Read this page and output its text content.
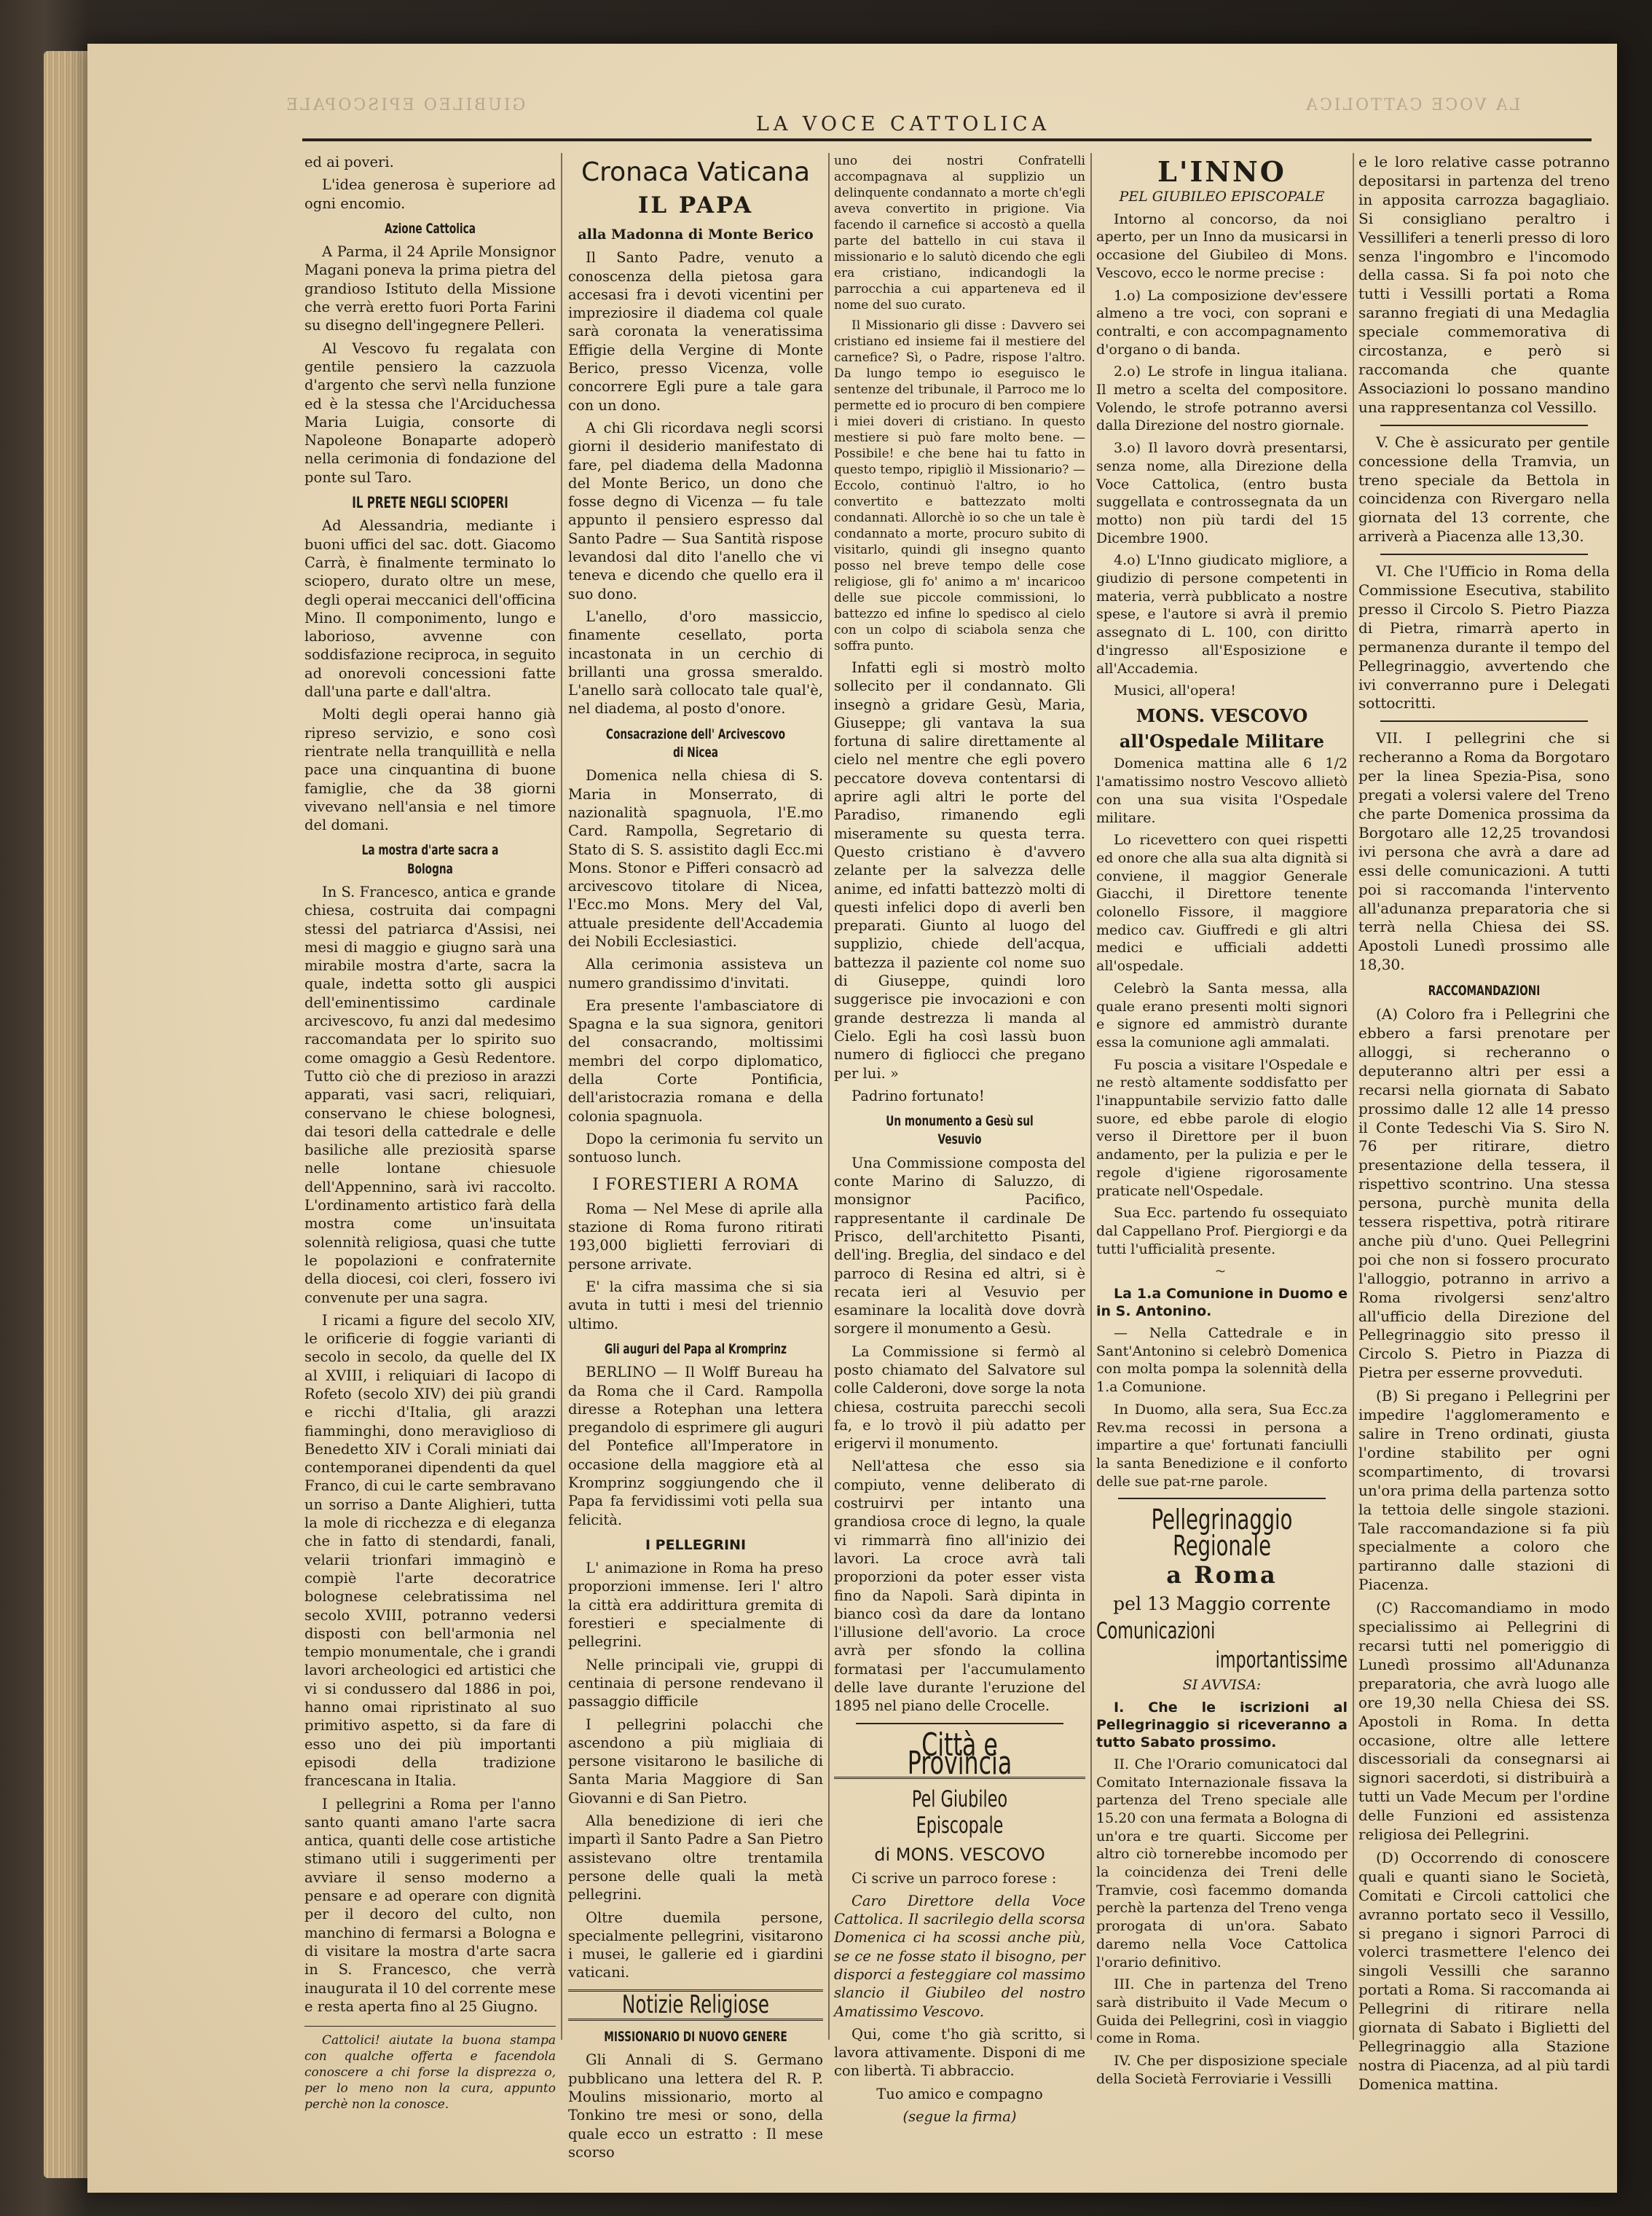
GIUBILEO EPISCOPALE	LA VOCE CATTOLICA
LA VOCE CATTOLICA

ed ai poveri.

L'idea generosa è superiore ad ogni encomio.

Azione Cattolica

A Parma, il 24 Aprile Monsignor Magani poneva la prima pietra del grandioso Istituto della Missione che verrà eretto fuori Porta Farini su disegno dell'ingegnere Pelleri.

Al Vescovo fu regalata con gentile pensiero la cazzuola d'argento che servì nella funzione ed è la stessa che l'Arciduchessa Maria Luigia, consorte di Napoleone Bonaparte adoperò nella cerimonia di fondazione del ponte sul Taro.

IL PRETE NEGLI SCIOPERI

Ad Alessandria, mediante i buoni uffici del sac. dott. Giacomo Carrà, è finalmente terminato lo sciopero, durato oltre un mese, degli operai meccanici dell'officina Mino. Il componimento, lungo e laborioso, avvenne con soddisfazione reciproca, in seguito ad onorevoli concessioni fatte dall'una parte e dall'altra.

Molti degli operai hanno già ripreso servizio, e sono così rientrate nella tranquillità e nella pace una cinquantina di buone famiglie, che da 38 giorni vivevano nell'ansia e nel timore del domani.

La mostra d'arte sacra a Bologna

In S. Francesco, antica e grande chiesa, costruita dai compagni stessi del patriarca d'Assisi, nei mesi di maggio e giugno sarà una mirabile mostra d'arte, sacra la quale, indetta sotto gli auspici dell'eminentissimo cardinale arcivescovo, fu anzi dal medesimo raccomandata per lo spirito suo come omaggio a Gesù Redentore. Tutto ciò che di prezioso in arazzi apparati, vasi sacri, reliquiari, conservano le chiese bolognesi, dai tesori della cattedrale e delle basiliche alle preziosità sparse nelle lontane chiesuole dell'Appennino, sarà ivi raccolto. L'ordinamento artistico farà della mostra come un'insuitata solennità religiosa, quasi che tutte le popolazioni e confraternite della diocesi, coi cleri, fossero ivi convenute per una sagra.

I ricami a figure del secolo XIV, le orificerie di foggie varianti di secolo in secolo, da quelle del IX al XVIII, i reliquiari di Iacopo di Rofeto (secolo XIV) dei più grandi e ricchi d'Italia, gli arazzi fiamminghi, dono meraviglioso di Benedetto XIV i Corali miniati dai contemporanei dipendenti da quel Franco, di cui le carte sembravano un sorriso a Dante Alighieri, tutta la mole di ricchezza e di eleganza che in fatto di stendardi, fanali, velarii trionfari immaginò e compiè l'arte decoratrice bolognese celebratissima nel secolo XVIII, potranno vedersi disposti con bell'armonia nel tempio monumentale, che i grandi lavori archeologici ed artistici che vi si condussero dal 1886 in poi, hanno omai ripristinato al suo primitivo aspetto, si da fare di esso uno dei più importanti episodi della tradizione francescana in Italia.

I pellegrini a Roma per l'anno santo quanti amano l'arte sacra antica, quanti delle cose artistiche stimano utili i suggerimenti per avviare il senso moderno a pensare e ad operare con dignità per il decoro del culto, non manchino di fermarsi a Bologna e di visitare la mostra d'arte sacra in S. Francesco, che verrà inaugurata il 10 del corrente mese e resta aperta fino al 25 Giugno.

Cattolici! aiutate la buona stampa con qualche offerta e facendola conoscere a chi forse la disprezza o, per lo meno non la cura, appunto perchè non la conosce.

Cronaca Vaticana
IL PAPA
alla Madonna di Monte Berico

Il Santo Padre, venuto a conoscenza della pietosa gara accesasi fra i devoti vicentini per impreziosire il diadema col quale sarà coronata la veneratissima Effigie della Vergine di Monte Berico, presso Vicenza, volle concorrere Egli pure a tale gara con un dono.

A chi Gli ricordava negli scorsi giorni il desiderio manifestato di fare, pel diadema della Madonna del Monte Berico, un dono che fosse degno di Vicenza — fu tale appunto il pensiero espresso dal Santo Padre — Sua Santità rispose levandosi dal dito l'anello che vi teneva e dicendo che quello era il suo dono.

L'anello, d'oro massiccio, finamente cesellato, porta incastonata in un cerchio di brillanti una grossa smeraldo. L'anello sarà collocato tale qual'è, nel diadema, al posto d'onore.

Consacrazione dell' Arcivescovo di Nicea

Domenica nella chiesa di S. Maria in Monserrato, di nazionalità spagnuola, l'E.mo Card. Rampolla, Segretario di Stato di S. S. assistito dagli Ecc.mi Mons. Stonor e Pifferi consacrò ad arcivescovo titolare di Nicea, l'Ecc.mo Mons. Mery del Val, attuale presidente dell'Accademia dei Nobili Ecclesiastici.

Alla cerimonia assisteva un numero grandissimo d'invitati.

Era presente l'ambasciatore di Spagna e la sua signora, genitori del consacrando, moltissimi membri del corpo diplomatico, della Corte Pontificia, dell'aristocrazia romana e della colonia spagnuola.

Dopo la cerimonia fu servito un sontuoso lunch.

I FORESTIERI A ROMA

Roma — Nel Mese di aprile alla stazione di Roma furono ritirati 193,000 biglietti ferroviari di persone arrivate.

E' la cifra massima che si sia avuta in tutti i mesi del triennio ultimo.

Gli auguri del Papa al Kromprinz

BERLINO — Il Wolff Bureau ha da Roma che il Card. Rampolla diresse a Rotephan una lettera pregandolo di esprimere gli auguri del Pontefice all'Imperatore in occasione della maggiore età al Kromprinz soggiungendo che il Papa fa fervidissimi voti pella sua felicità.

I PELLEGRINI

L' animazione in Roma ha preso proporzioni immense. Ieri l' altro la città era addirittura gremita di forestieri e specialmente di pellegrini.

Nelle principali vie, gruppi di centinaia di persone rendevano il passaggio difficile

I pellegrini polacchi che ascendono a più migliaia di persone visitarono le basiliche di Santa Maria Maggiore di San Giovanni e di San Pietro.

Alla benedizione di ieri che impartì il Santo Padre a San Pietro assistevano oltre trentamila persone delle quali la metà pellegrini.

Oltre duemila persone, specialmente pellegrini, visitarono i musei, le gallerie ed i giardini vaticani.

Notizie Religiose
MISSIONARIO DI NUOVO GENERE

Gli Annali di S. Germano pubblicano una lettera del R. P. Moulins missionario, morto al Tonkino tre mesi or sono, della quale ecco un estratto : Il mese scorso

uno dei nostri Confratelli accompagnava al supplizio un delinquente condannato a morte ch'egli aveva convertito in prigione. Via facendo il carnefice si accostò a quella parte del battello in cui stava il missionario e lo salutò dicendo che egli era cristiano, indicandogli la parrocchia a cui apparteneva ed il nome del suo curato.

Il Missionario gli disse : Davvero sei cristiano ed insieme fai il mestiere del carnefice? Sì, o Padre, rispose l'altro. Da lungo tempo io eseguisco le sentenze del tribunale, il Parroco me lo permette ed io procuro di ben compiere i miei doveri di cristiano. In questo mestiere si può fare molto bene. — Possibile! e che bene hai tu fatto in questo tempo, ripigliò il Missionario? — Eccolo, continuò l'altro, io ho convertito e battezzato molti condannati. Allorchè io so che un tale è condannato a morte, procuro subito di visitarlo, quindi gli insegno quanto posso nel breve tempo delle cose religiose, gli fo' animo a m' incaricoo delle sue piccole commissioni, lo battezzo ed infine lo spedisco al cielo con un colpo di sciabola senza che soffra punto.

Infatti egli si mostrò molto sollecito per il condannato. Gli insegnò a gridare Gesù, Maria, Giuseppe; gli vantava la sua fortuna di salire direttamente al cielo nel mentre che egli povero peccatore doveva contentarsi di aprire agli altri le porte del Paradiso, rimanendo egli miseramente su questa terra. Questo cristiano è d'avvero zelante per la salvezza delle anime, ed infatti battezzò molti di questi infelici dopo di averli ben preparati. Giunto al luogo del supplizio, chiede dell'acqua, battezza il paziente col nome suo di Giuseppe, quindi loro suggerisce pie invocazioni e con grande destrezza li manda al Cielo. Egli ha così lassù buon numero di figliocci che pregano per lui. »

Padrino fortunato!

Un monumento a Gesù sul Vesuvio

Una Commissione composta del conte Marino di Saluzzo, di monsignor Pacifico, rappresentante il cardinale De Prisco, dell'architetto Pisanti, dell'ing. Breglia, del sindaco e del parroco di Resina ed altri, si è recata ieri al Vesuvio per esaminare la località dove dovrà sorgere il monumento a Gesù.

La Commissione si fermò al posto chiamato del Salvatore sul colle Calderoni, dove sorge la nota chiesa, costruita parecchi secoli fa, e lo trovò il più adatto per erigervi il monumento.

Nell'attesa che esso sia compiuto, venne deliberato di costruirvi per intanto una grandiosa croce di legno, la quale vi rimmarrà fino all'inizio dei lavori. La croce avrà tali proporzioni da poter esser vista fino da Napoli. Sarà dipinta in bianco così da dare da lontano l'illusione dell'avorio. La croce avrà per sfondo la collina formatasi per l'accumulamento delle lave durante l'eruzione del 1895 nel piano delle Crocelle.

Città e Provincia
Pel Giubileo Episcopale
di MONS. VESCOVO

Ci scrive un parroco forese :

Caro Direttore della Voce Cattolica. Il sacrilegio della scorsa Domenica ci ha scossi anche più, se ce ne fosse stato il bisogno, per disporci a festeggiare col massimo slancio il Giubileo del nostro Amatissimo Vescovo.

Qui, come t'ho già scritto, si lavora attivamente. Disponi di me con libertà. Ti abbraccio.

Tuo amico e compagno

(segue la firma)

L'INNO

PEL GIUBILEO EPISCOPALE

Intorno al concorso, da noi aperto, per un Inno da musicarsi in occasione del Giubileo di Mons. Vescovo, ecco le norme precise :

1.o) La composizione dev'essere almeno a tre voci, con soprani e contralti, e con accompagnamento d'organo o di banda.

2.o) Le strofe in lingua italiana. Il metro a scelta del compositore. Volendo, le strofe potranno aversi dalla Direzione del nostro giornale.

3.o) Il lavoro dovrà presentarsi, senza nome, alla Direzione della Voce Cattolica, (entro busta suggellata e controssegnata da un motto) non più tardi del 15 Dicembre 1900.

4.o) L'Inno giudicato migliore, a giudizio di persone competenti in materia, verrà pubblicato a nostre spese, e l'autore si avrà il premio assegnato di L. 100, con diritto d'ingresso all'Esposizione e all'Accademia.

Musici, all'opera!

MONS. VESCOVO
all'Ospedale Militare

Domenica mattina alle 6 1/2 l'amatissimo nostro Vescovo allietò con una sua visita l'Ospedale militare.

Lo ricevettero con quei rispetti ed onore che alla sua alta dignità si conviene, il maggior Generale Giacchi, il Direttore tenente colonello Fissore, il maggiore medico cav. Giuffredi e gli altri medici e ufficiali addetti all'ospedale.

Celebrò la Santa messa, alla quale erano presenti molti signori e signore ed ammistrò durante essa la comunione agli ammalati.

Fu poscia a visitare l'Ospedale e ne restò altamente soddisfatto per l'inappuntabile servizio fatto dalle suore, ed ebbe parole di elogio verso il Direttore per il buon andamento, per la pulizia e per le regole d'igiene rigorosamente praticate nell'Ospedale.

Sua Ecc. partendo fu ossequiato dal Cappellano Prof. Piergiorgi e da tutti l'ufficialità presente.

~

La 1.a Comunione in Duomo e in S. Antonino.

— Nella Cattedrale e in Sant'Antonino si celebrò Domenica con molta pompa la solennità della 1.a Comunione.

In Duomo, alla sera, Sua Ecc.za Rev.ma recossi in persona a impartire a que' fortunati fanciulli la santa Benedizione e il conforto delle sue pat-rne parole.

Pellegrinaggio Regionale
a Roma
pel 13 Maggio corrente
Comunicazioni
importantissime

SI AVVISA:

I. Che le iscrizioni al Pellegrinaggio si riceveranno a tutto Sabato prossimo.

II. Che l'Orario comunicatoci dal Comitato Internazionale fissava la partenza del Treno speciale alle 15.20 con una fermata a Bologna di un'ora e tre quarti. Siccome per altro ciò tornerebbe incomodo per la coincidenza dei Treni delle Tramvie, così facemmo domanda perchè la partenza del Treno venga prorogata di un'ora. Sabato daremo nella Voce Cattolica l'orario definitivo.

III. Che in partenza del Treno sarà distribuito il Vade Mecum o Guida dei Pellegrini, così in viaggio come in Roma.

IV. Che per disposizione speciale della Società Ferroviarie i Vessilli

e le loro relative casse potranno depositarsi in partenza del treno in apposita carrozza bagagliaio. Si consigliano peraltro i Vessilliferi a tenerli presso di loro senza l'ingombro e l'incomodo della cassa. Si fa poi noto che tutti i Vessilli portati a Roma saranno fregiati di una Medaglia speciale commemorativa di circostanza, e però si raccomanda che quante Associazioni lo possano mandino una rappresentanza col Vessillo.

V. Che è assicurato per gentile concessione della Tramvia, un treno speciale da Bettola in coincidenza con Rivergaro nella giornata del 13 corrente, che arriverà a Piacenza alle 13,30.

VI. Che l'Ufficio in Roma della Commissione Esecutiva, stabilito presso il Circolo S. Pietro Piazza di Pietra, rimarrà aperto in permanenza durante il tempo del Pellegrinaggio, avvertendo che ivi converranno pure i Delegati sottocritti.

VII. I pellegrini che si recheranno a Roma da Borgotaro per la linea Spezia-Pisa, sono pregati a volersi valere del Treno che parte Domenica prossima da Borgotaro alle 12,25 trovandosi ivi persona che avrà a dare ad essi delle comunicazioni. A tutti poi si raccomanda l'intervento all'adunanza preparatoria che si terrà nella Chiesa dei SS. Apostoli Lunedì prossimo alle 18,30.

RACCOMANDAZIONI

(A) Coloro fra i Pellegrini che ebbero a farsi prenotare per alloggi, si recheranno o deputeranno altri per essi a recarsi nella giornata di Sabato prossimo dalle 12 alle 14 presso il Conte Tedeschi Via S. Siro N. 76 per ritirare, dietro presentazione della tessera, il rispettivo scontrino. Una stessa persona, purchè munita della tessera rispettiva, potrà ritirare anche più d'uno. Quei Pellegrini poi che non si fossero procurato l'alloggio, potranno in arrivo a Roma rivolgersi senz'altro all'ufficio della Direzione del Pellegrinaggio sito presso il Circolo S. Pietro in Piazza di Pietra per esserne provveduti.

(B) Si pregano i Pellegrini per impedire l'agglomeramento e salire in Treno ordinati, giusta l'ordine stabilito per ogni scompartimento, di trovarsi un'ora prima della partenza sotto la tettoia delle singole stazioni. Tale raccomandazione si fa più specialmente a coloro che partiranno dalle stazioni di Piacenza.

(C) Raccomandiamo in modo specialissimo ai Pellegrini di recarsi tutti nel pomeriggio di Lunedì prossimo all'Adunanza preparatoria, che avrà luogo alle ore 19,30 nella Chiesa dei SS. Apostoli in Roma. In detta occasione, oltre alle lettere discessoriali da consegnarsi ai signori sacerdoti, si distribuirà a tutti un Vade Mecum per l'ordine delle Funzioni ed assistenza religiosa dei Pellegrini.

(D) Occorrendo di conoscere quali e quanti siano le Società, Comitati e Circoli cattolici che avranno portato seco il Vessillo, si pregano i signori Parroci di volerci trasmettere l'elenco dei singoli Vessilli che saranno portati a Roma. Si raccomanda ai Pellegrini di ritirare nella giornata di Sabato i Biglietti del Pellegrinaggio alla Stazione nostra di Piacenza, ad al più tardi Domenica mattina.
